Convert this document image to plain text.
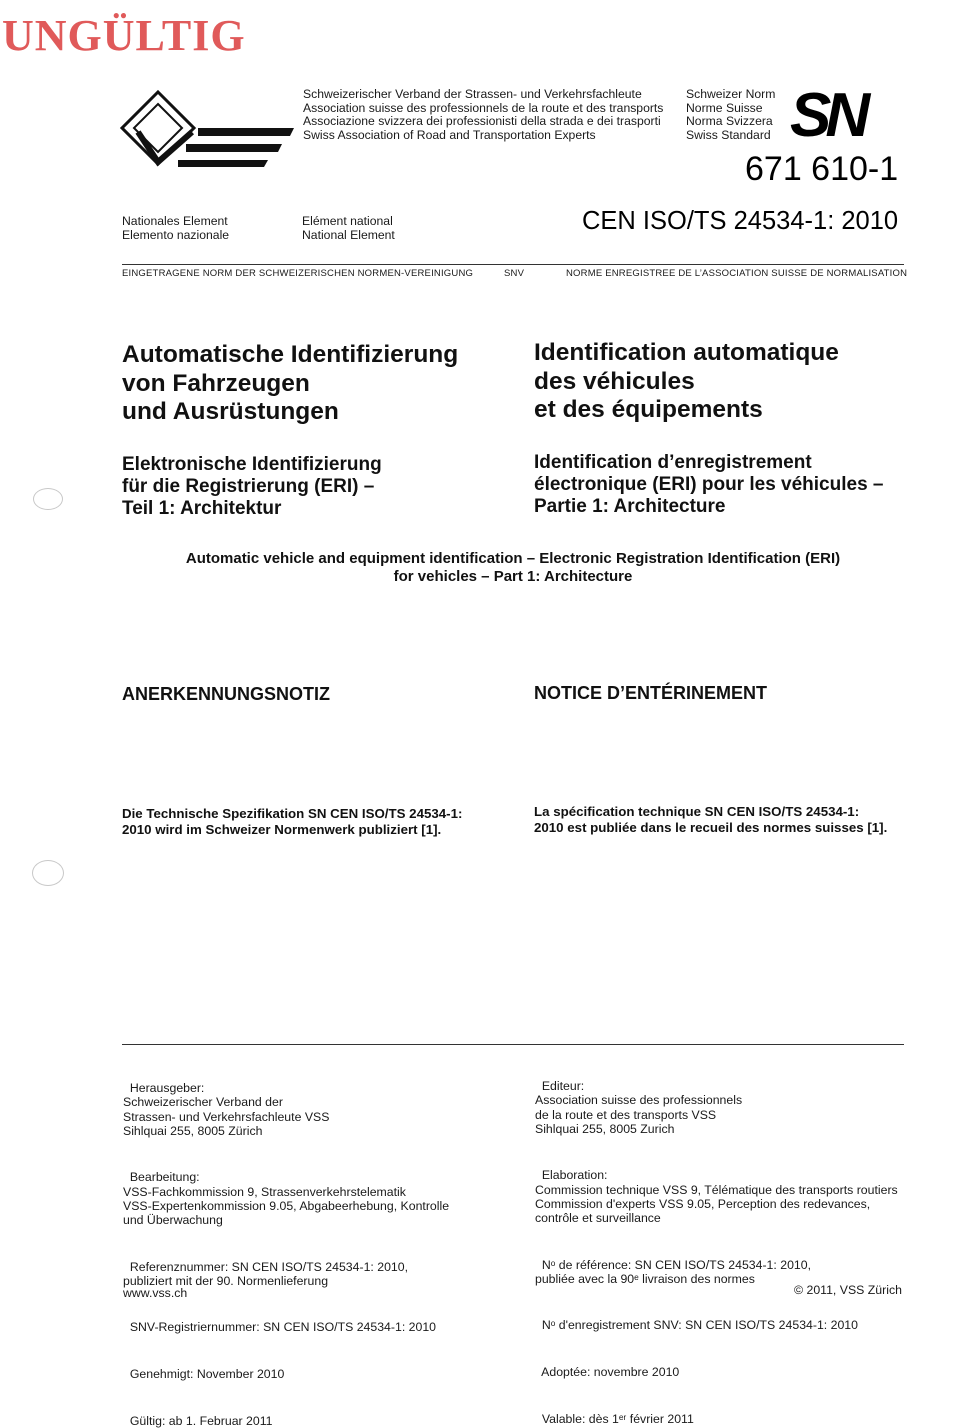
UNGÜLTIG
Schweizerischer Verband der Strassen- und Verkehrsfachleute
Association suisse des professionnels de la route et des transports
Associazione svizzera dei professionisti della strada e dei trasporti
Swiss Association of Road and Transportation Experts
Schweizer Norm
Norme Suisse
Norma Svizzera
Swiss Standard SN
671 610-1
Nationales Element
Elemento nazionale
Elément national
National Element	CEN ISO/TS 24534-1: 2010
EINGETRAGENE NORM DER SCHWEIZERISCHEN NORMEN-VEREINIGUNG	SNV	NORME ENREGISTREE DE L’ASSOCIATION SUISSE DE NORMALISATION
Automatische Identifizierung
von Fahrzeugen
und Ausrüstungen
Identification automatique
des véhicules
et des équipements
Elektronische Identifizierung
für die Registrierung (ERI) –
Teil 1: Architektur
Identification d’enregistrement
électronique (ERI) pour les véhicules –
Partie 1: Architecture
Automatic vehicle and equipment identification – Electronic Registration Identification (ERI)
for vehicles – Part 1: Architecture
ANERKENNUNGSNOTIZ	NOTICE D’ENTÉRINEMENT
Die Technische Spezifikation SN CEN ISO/TS 24534-1:
2010 wird im Schweizer Normenwerk publiziert [1].
La spécification technique SN CEN ISO/TS 24534-1:
2010 est publiée dans le recueil des normes suisses [1].

Herausgeber:
Schweizerischer Verband der
Strassen- und Verkehrsfachleute VSS
Sihlquai 255, 8005 Zürich

Bearbeitung:
VSS-Fachkommission 9, Strassenverkehrstelematik
VSS-Expertenkommission 9.05, Abgabeerhebung, Kontrolle
und Überwachung

Referenznummer: SN CEN ISO/TS 24534-1: 2010,
publiziert mit der 90. Normenlieferung

SNV-Registriernummer: SN CEN ISO/TS 24534-1: 2010

Genehmigt: November 2010

Gültig: ab 1. Februar 2011

Editeur:
Association suisse des professionnels
de la route et des transports VSS
Sihlquai 255, 8005 Zurich

Elaboration:
Commission technique VSS 9, Télématique des transports routiers
Commission d'experts VSS 9.05, Perception des redevances,
contrôle et surveillance

Nᵒ de référence: SN CEN ISO/TS 24534-1: 2010,
publiée avec la 90ᵉ livraison des normes

Nᵒ d'enregistrement SNV: SN CEN ISO/TS 24534-1: 2010

Adoptée: novembre 2010

Valable: dès 1ᵉʳ février 2011

www.vss.ch	© 2011, VSS Zürich
